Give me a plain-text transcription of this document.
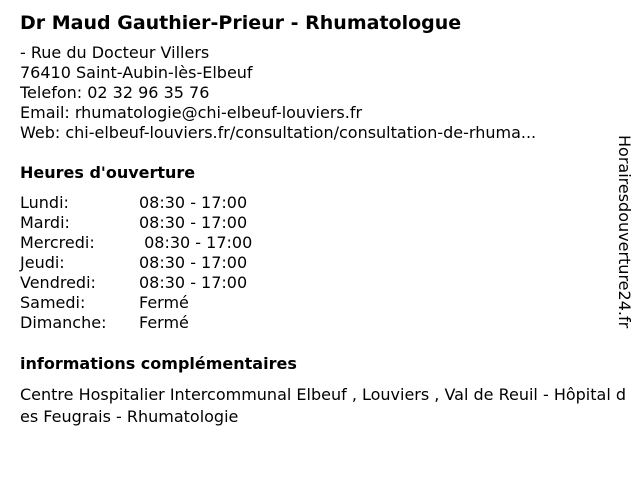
Dr Maud Gauthier-Prieur - Rhumatologue
- Rue du Docteur Villers
76410 Saint-Aubin-lès-Elbeuf
Telefon: 02 32 96 35 76
Email: rhumatologie@chi-elbeuf-louviers.fr
Web: chi-elbeuf-louviers.fr/consultation/consultation-de-rhuma...
Heures d'ouverture
Lundi:	08:30 - 17:00
Mardi:	08:30 - 17:00
Mercredi:	08:30 - 17:00
Jeudi:	08:30 - 17:00
Vendredi:	08:30 - 17:00
Samedi:	Fermé
Dimanche: Fermé
informations complémentaires
Centre Hospitalier Intercommunal Elbeuf , Louviers , Val de Reuil - Hôpital des Feugrais - Rhumatologie
Horairesdouverture24.fr
